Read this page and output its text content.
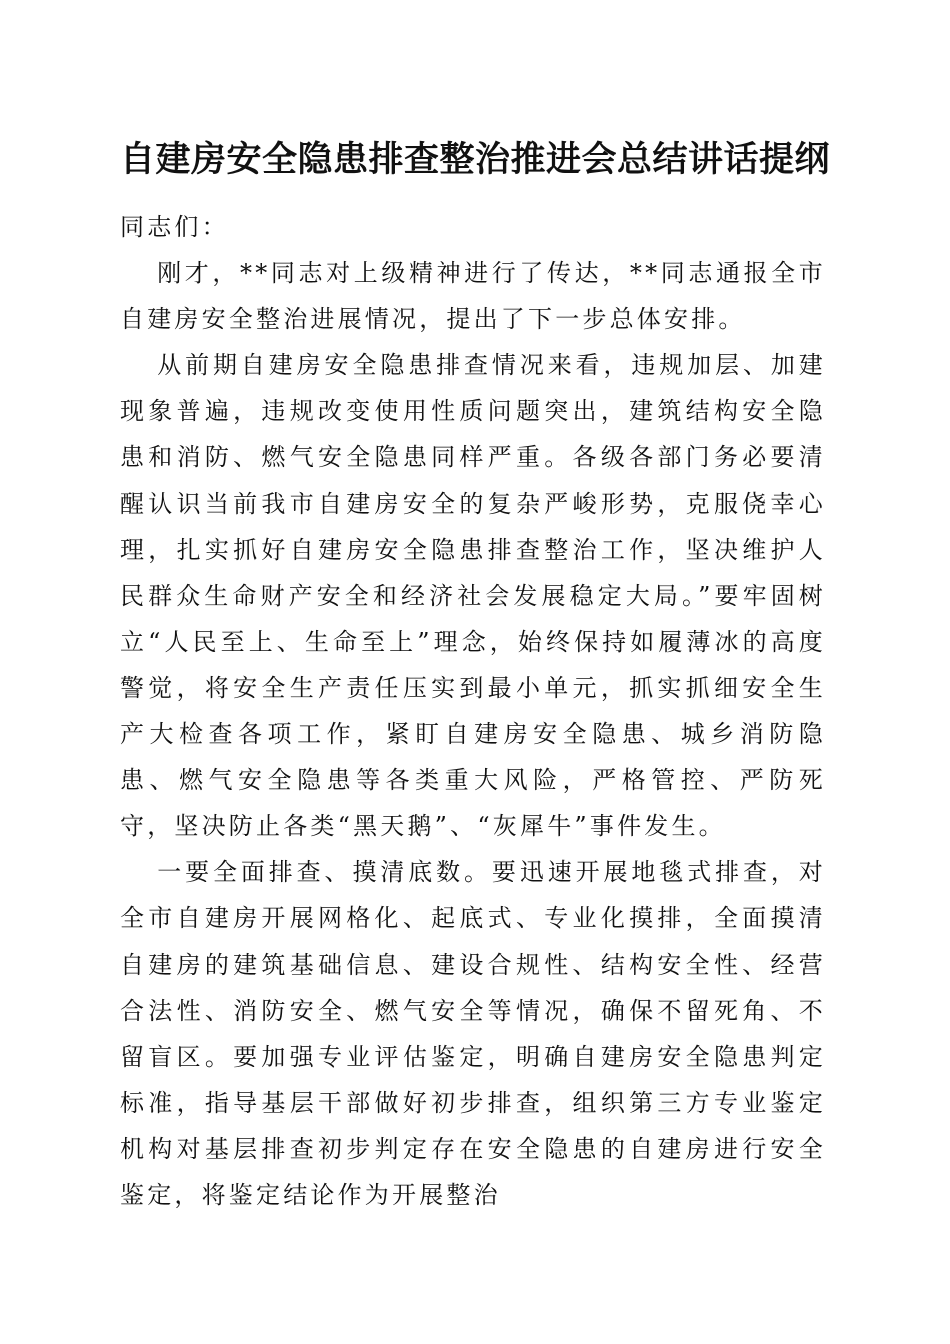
自建房安全隐患排查整治推进会总结讲话提纲

同志们：

刚才，**同志对上级精神进行了传达，**同志通报全市自建房安全整治进展情况，提出了下一步总体安排。

从前期自建房安全隐患排查情况来看，违规加层、加建现象普遍，违规改变使用性质问题突出，建筑结构安全隐患和消防、燃气安全隐患同样严重。各级各部门务必要清醒认识当前我市自建房安全的复杂严峻形势，克服侥幸心理，扎实抓好自建房安全隐患排查整治工作，坚决维护人民群众生命财产安全和经济社会发展稳定大局。”要牢固树立“人民至上、生命至上”理念，始终保持如履薄冰的高度警觉，将安全生产责任压实到最小单元，抓实抓细安全生产大检查各项工作，紧盯自建房安全隐患、城乡消防隐患、燃气安全隐患等各类重大风险，严格管控、严防死守，坚决防止各类“黑天鹅”、“灰犀牛”事件发生。

一要全面排查、摸清底数。要迅速开展地毯式排查，对全市自建房开展网格化、起底式、专业化摸排，全面摸清自建房的建筑基础信息、建设合规性、结构安全性、经营合法性、消防安全、燃气安全等情况，确保不留死角、不留盲区。要加强专业评估鉴定，明确自建房安全隐患判定标准，指导基层干部做好初步排查，组织第三方专业鉴定机构对基层排查初步判定存在安全隐患的自建房进行安全鉴定，将鉴定结论作为开展整治
